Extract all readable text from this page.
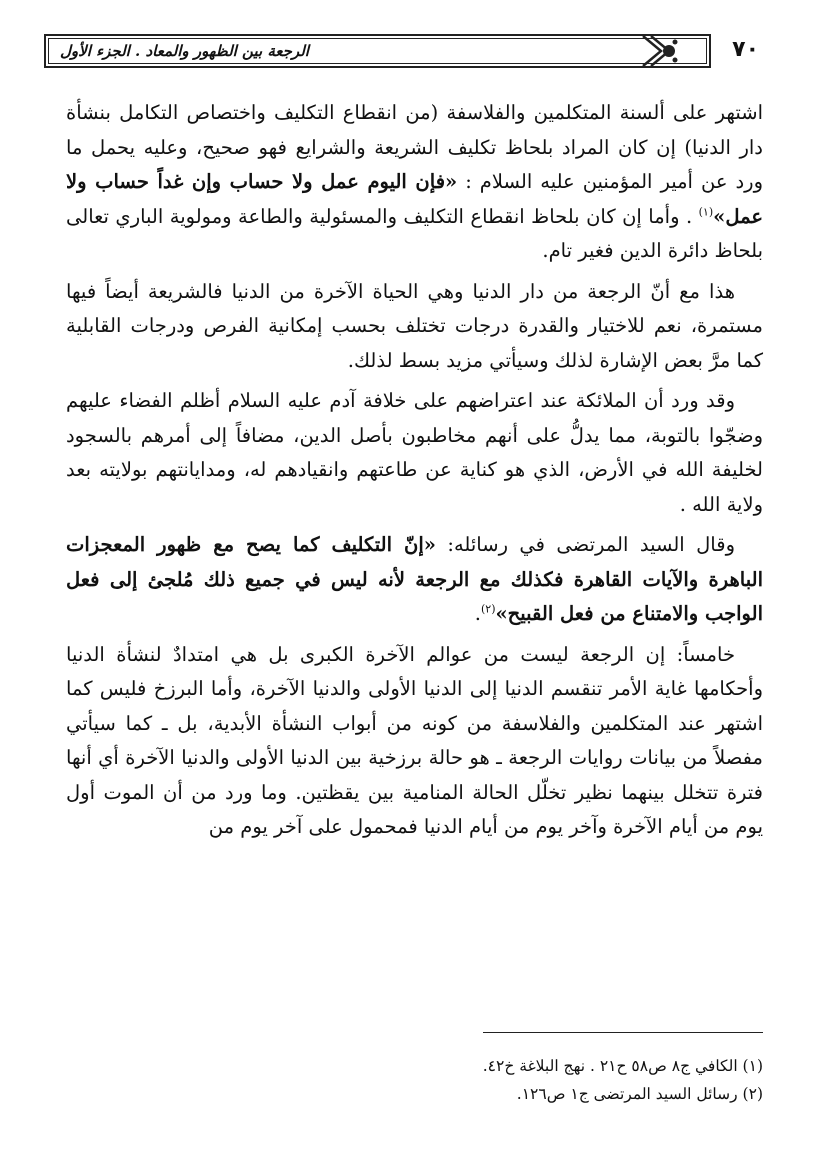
الرجعة بين الظهور والمعاد . الجزء الأول	٧٠

اشتهر على ألسنة المتكلمين والفلاسفة (من انقطاع التكليف واختصاص التكامل بنشأة دار الدنيا) إن كان المراد بلحاظ تكليف الشريعة والشرايع فهو صحيح، وعليه يحمل ما ورد عن أمير المؤمنين عليه السلام : «فإن اليوم عمل ولا حساب وإن غداً حساب ولا عمل»$^{(١)}$ . وأما إن كان بلحاظ انقطاع التكليف والمسئولية والطاعة ومولوية الباري تعالى بلحاظ دائرة الدين فغير تام.

هذا مع أنّ الرجعة من دار الدنيا وهي الحياة الآخرة من الدنيا فالشريعة أيضاً فيها مستمرة، نعم للاختيار والقدرة درجات تختلف بحسب إمكانية الفرص ودرجات القابلية كما مرَّ بعض الإشارة لذلك وسيأتي مزيد بسط لذلك.

وقد ورد أن الملائكة عند اعتراضهم على خلافة آدم عليه السلام أظلم الفضاء عليهم وضجّوا بالتوبة، مما يدلُّ على أنهم مخاطبون بأصل الدين، مضافاً إلى أمرهم بالسجود لخليفة الله في الأرض، الذي هو كناية عن طاعتهم وانقيادهم له، ومدايانتهم بولايته بعد ولاية الله .

وقال السيد المرتضى في رسائله: «إنّ التكليف كما يصح مع ظهور المعجزات الباهرة والآيات القاهرة فكذلك مع الرجعة لأنه ليس في جميع ذلك مُلجئ إلى فعل الواجب والامتناع من فعل القبيح»$^{(٢)}$.

خامساً: إن الرجعة ليست من عوالم الآخرة الكبرى بل هي امتدادٌ لنشأة الدنيا وأحكامها غاية الأمر تنقسم الدنيا إلى الدنيا الأولى والدنيا الآخرة، وأما البرزخ فليس كما اشتهر عند المتكلمين والفلاسفة من كونه من أبواب النشأة الأبدية، بل ـ كما سيأتي مفصلاً من بيانات روايات الرجعة ـ هو حالة برزخية بين الدنيا الأولى والدنيا الآخرة أي أنها فترة تتخلل بينهما نظير تخلّل الحالة المنامية بين يقظتين. وما ورد من أن الموت أول يوم من أيام الآخرة وآخر يوم من أيام الدنيا فمحمول على آخر يوم من

(١) الكافي ج٨ ص٥٨ ح٢١ . نهج البلاغة خ٤٢.
(٢) رسائل السيد المرتضى ج١ ص١٢٦.
